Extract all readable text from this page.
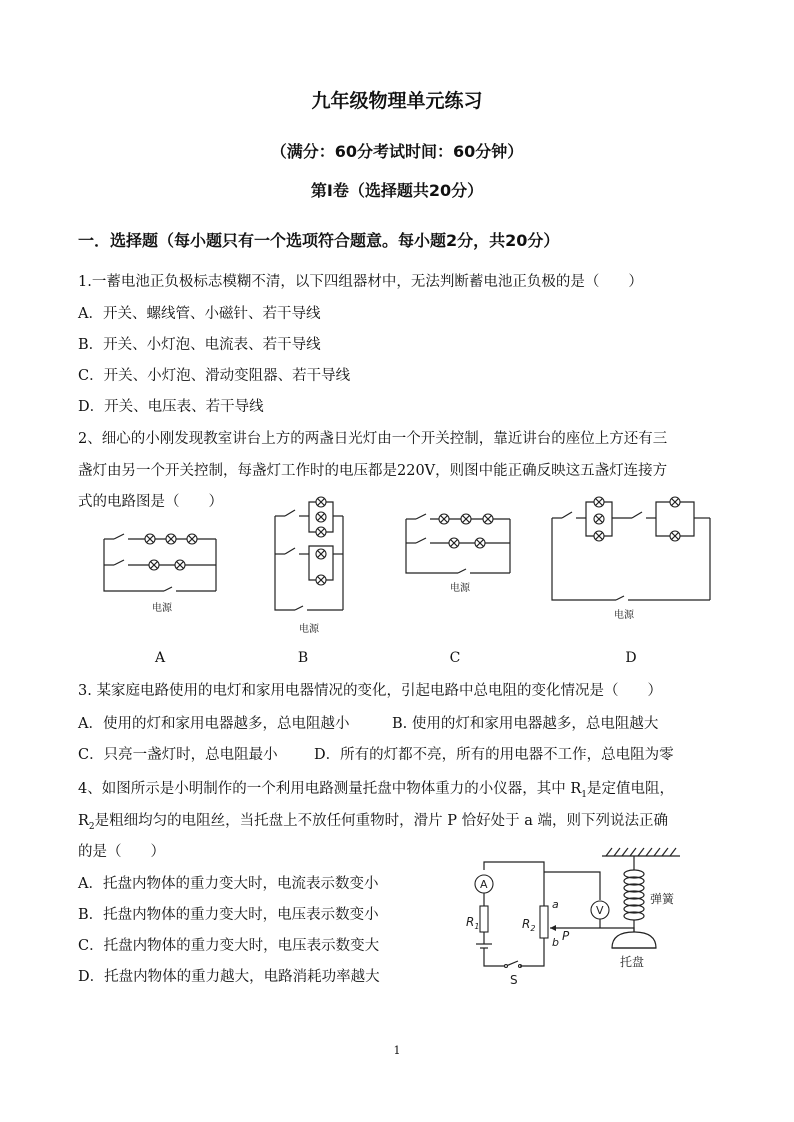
九年级物理单元练习
（满分：60分考试时间：60分钟）
第Ⅰ卷（选择题共20分）
一．选择题（每小题只有一个选项符合题意。每小题2分，共20分）
1.一蓄电池正负极标志模糊不清，以下四组器材中，无法判断蓄电池正负极的是（　　）
A．开关、螺线管、小磁针、若干导线
B．开关、小灯泡、电流表、若干导线
C．开关、小灯泡、滑动变阻器、若干导线
D．开关、电压表、若干导线
2、细心的小刚发现教室讲台上方的两盏日光灯由一个开关控制，靠近讲台的座位上方还有三
盏灯由另一个开关控制，每盏灯工作时的电压都是220V，则图中能正确反映这五盏灯连接方
式的电路图是（　　）
电源
电源
电源
电源
A	B	C	D
3. 某家庭电路使用的电灯和家用电器情况的变化，引起电路中总电阻的变化情况是（　　）
A．使用的灯和家用电器越多，总电阻越小	B. 使用的灯和家用电器越多，总电阻越大
C．只亮一盏灯时，总电阻最小	D．所有的灯都不亮，所有的用电器不工作，总电阻为零
4、如图所示是小明制作的一个利用电路测量托盘中物体重力的小仪器，其中 $R_1$是定值电阻，
$R_2$是粗细均匀的电阻丝，当托盘上不放任何重物时，滑片 P 恰好处于 a 端，则下列说法正确
的是（　　）
A．托盘内物体的重力变大时，电流表示数变小
B．托盘内物体的重力变大时，电压表示数变小
C．托盘内物体的重力变大时，电压表示数变大
D．托盘内物体的重力越大，电路消耗功率越大
弹簧
托盘
P
A
$R_1$
S
$R_2$
a
b
V
1
